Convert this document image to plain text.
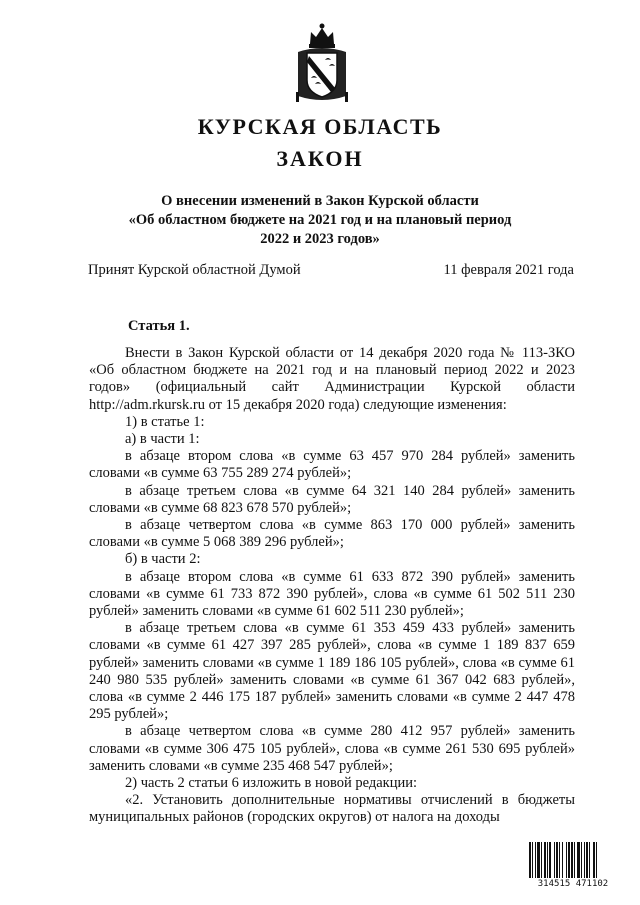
КУРСКАЯ ОБЛАСТЬ
ЗАКОН
О внесении изменений в Закон Курской области
«Об областном бюджете на 2021 год и на плановый период
2022 и 2023 годов»
Принят Курской областной Думой	11 февраля 2021 года
Статья 1.

Внести в Закон Курской области от 14 декабря 2020 года № 113-ЗКО «Об областном бюджете на 2021 год и на плановый период 2022 и 2023 годов» (официальный сайт Администрации Курской области http://adm.rkursk.ru от 15 декабря 2020 года) следующие изменения:

1) в статье 1:

а) в части 1:

в абзаце втором слова «в сумме 63 457 970 284 рублей» заменить словами «в сумме 63 755 289 274 рублей»;

в абзаце третьем слова «в сумме 64 321 140 284 рублей» заменить словами «в сумме 68 823 678 570 рублей»;

в абзаце четвертом слова «в сумме 863 170 000 рублей» заменить словами «в сумме 5 068 389 296 рублей»;

б) в части 2:

в абзаце втором слова «в сумме 61 633 872 390 рублей» заменить словами «в сумме 61 733 872 390 рублей», слова «в сумме 61 502 511 230 рублей» заменить словами «в сумме 61 602 511 230 рублей»;

в абзаце третьем слова «в сумме 61 353 459 433 рублей» заменить словами «в сумме 61 427 397 285 рублей», слова «в сумме 1 189 837 659 рублей» заменить словами «в сумме 1 189 186 105 рублей», слова «в сумме 61 240 980 535 рублей» заменить словами «в сумме 61 367 042 683 рублей», слова «в сумме 2 446 175 187 рублей» заменить словами «в сумме 2 447 478 295 рублей»;

в абзаце четвертом слова «в сумме 280 412 957 рублей» заменить словами «в сумме 306 475 105 рублей», слова «в сумме 261 530 695 рублей» заменить словами «в сумме 235 468 547 рублей»;

2) часть 2 статьи 6 изложить в новой редакции:

«2. Установить дополнительные нормативы отчислений в бюджеты муниципальных районов (городских округов) от налога на доходы

314515 471102
